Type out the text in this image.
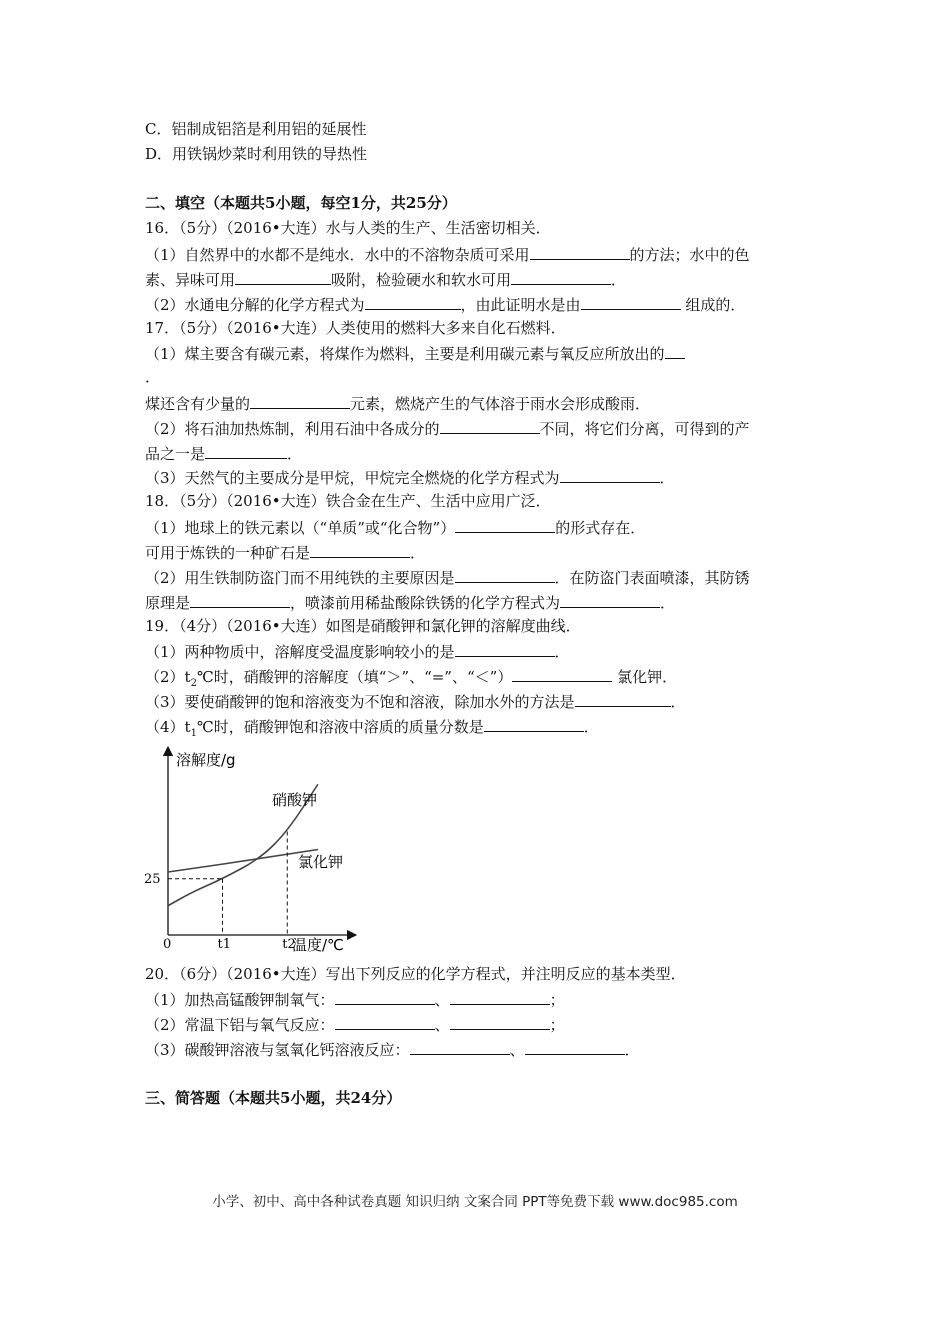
C．铝制成铝箔是利用铝的延展性
D．用铁锅炒菜时利用铁的导热性
二、填空（本题共5小题，每空1分，共25分）
16．（5分）（2016•大连）水与人类的生产、生活密切相关．
（1）自然界中的水都不是纯水．水中的不溶物杂质可采用	的方法；水中的色
素、异味可用	吸附，检验硬水和软水可用	．
（2）水通电分解的化学方程式为	，由此证明水是由	组成的．
17．（5分）（2016•大连）人类使用的燃料大多来自化石燃料．
（1）煤主要含有碳元素，将煤作为燃料，主要是利用碳元素与氧反应所放出的
．
煤还含有少量的	元素，燃烧产生的气体溶于雨水会形成酸雨．
（2）将石油加热炼制，利用石油中各成分的	不同，将它们分离，可得到的产
品之一是	．
（3）天然气的主要成分是甲烷，甲烷完全燃烧的化学方程式为	．
18．（5分）（2016•大连）铁合金在生产、生活中应用广泛．
（1）地球上的铁元素以（“单质”或“化合物”）	的形式存在．
可用于炼铁的一种矿石是	．
（2）用生铁制防盗门而不用纯铁的主要原因是	．在防盗门表面喷漆，其防锈
原理是	，喷漆前用稀盐酸除铁锈的化学方程式为	．
19．（4分）（2016•大连）如图是硝酸钾和氯化钾的溶解度曲线．
（1）两种物质中，溶解度受温度影响较小的是	．
$(2)t_2℃$时，硝酸钾的溶解度（填“＞”、“=”、“＜”）	氯化钾．
（3）要使硝酸钾的饱和溶液变为不饱和溶液，除加水外的方法是	．
$(4)t_1℃$时，硝酸钾饱和溶液中溶质的质量分数是	．
溶解度/g
温度/℃
0
25
硝酸钾
氯化钾
t1	t2
20．（6分）（2016•大连）写出下列反应的化学方程式，并注明反应的基本类型．
（1）加热高锰酸钾制氧气：	、	；
（2）常温下铝与氧气反应：	、	；
（3）碳酸钾溶液与氢氧化钙溶液反应：	、	．
三、简答题（本题共5小题，共24分）
小学、初中、高中各种试卷真题 知识归纳 文案合同 PPT等免费下载 www.doc985.com
